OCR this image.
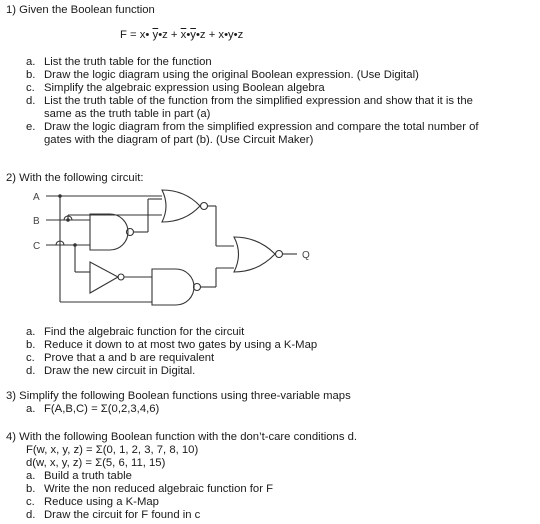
1) Given the Boolean function
F = x• $\overline{y}•z$ + $\overline{x}•\overline{y}•z$ + x•y•z
a. List the truth table for the function
b. Draw the logic diagram using the original Boolean expression. (Use Digital)
c. Simplify the algebraic expression using Boolean algebra
d. List the truth table of the function from the simplified expression and show that it is the
same as the truth table in part (a)
e. Draw the logic diagram from the simplified expression and compare the total number of
gates with the diagram of part (b). (Use Circuit Maker)
2) With the following circuit:
A
B
C
Q
a. Find the algebraic function for the circuit
b. Reduce it down to at most two gates by using a K-Map
c. Prove that a and b are requivalent
d. Draw the new circuit in Digital.
3) Simplify the following Boolean functions using three-variable maps
a. F(A,B,C) = Σ(0,2,3,4,6)
4) With the following Boolean function with the don’t-care conditions d.
F(w, x, y, z) = Σ(0, 1, 2, 3, 7, 8, 10)
d(w, x, y, z) = Σ(5, 6, 11, 15)
a. Build a truth table
b. Write the non reduced algebraic function for F
c. Reduce using a K-Map
d. Draw the circuit for F found in c
